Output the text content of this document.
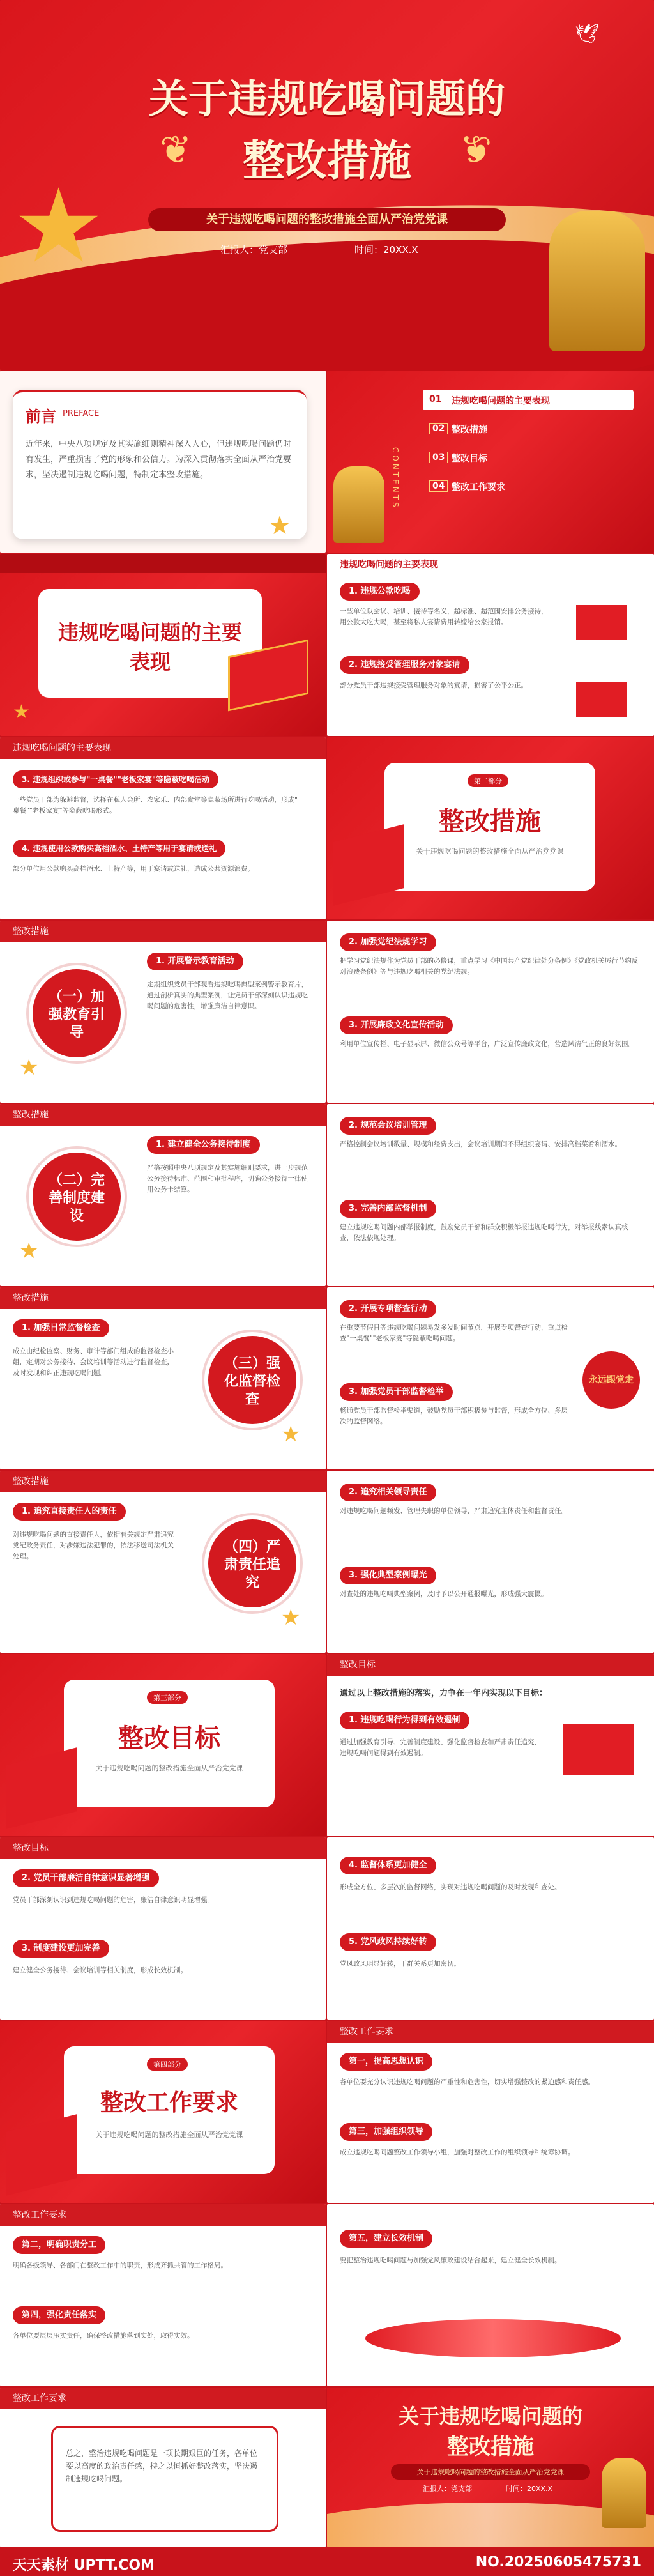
★
🕊
关于违规吃喝问题的
整改措施
❦	❦
关于违规吃喝问题的整改措施全面从严治党党课
汇报人：党支部	时间：20XX.X
前言 PREFACE
近年来，中央八项规定及其实施细则精神深入人心，但违规吃喝问题仍时有发生，严重损害了党的形象和公信力。为深入贯彻落实全面从严治党要求，坚决遏制违规吃喝问题，特制定本整改措施。
★
CONTENTS
01 违规吃喝问题的主要表现
02 整改措施
03 整改目标
04 整改工作要求
违规吃喝问题的主要表现
★
违规吃喝问题的主要表现
1. 违规公款吃喝
一些单位以会议、培训、接待等名义，超标准、超范围安排公务接待，用公款大吃大喝，甚至将私人宴请费用转嫁给公家报销。
2. 违规接受管理服务对象宴请
部分党员干部违规接受管理服务对象的宴请，损害了公平公正。
违规吃喝问题的主要表现
3. 违规组织或参与"一桌餐""老板家宴"等隐蔽吃喝活动
一些党员干部为躲避监督，选择在私人会所、农家乐、内部食堂等隐蔽场所进行吃喝活动，形成"一桌餐""老板家宴"等隐蔽吃喝形式。
4. 违规使用公款购买高档酒水、土特产等用于宴请或送礼
部分单位用公款购买高档酒水、土特产等，用于宴请或送礼，造成公共资源浪费。
第二部分
整改措施
关于违规吃喝问题的整改措施全面从严治党党课
整改措施
（一）加强教育引导
★
1. 开展警示教育活动
定期组织党员干部观看违规吃喝典型案例警示教育片，通过剖析真实的典型案例，让党员干部深刻认识违规吃喝问题的危害性，增强廉洁自律意识。
2. 加强党纪法规学习
把学习党纪法规作为党员干部的必修课，重点学习《中国共产党纪律处分条例》《党政机关厉行节约反对浪费条例》等与违规吃喝相关的党纪法规。
3. 开展廉政文化宣传活动
利用单位宣传栏、电子显示屏、微信公众号等平台，广泛宣传廉政文化，营造风清气正的良好氛围。
整改措施
（二）完善制度建设
★
1. 建立健全公务接待制度
严格按照中央八项规定及其实施细则要求，进一步规范公务接待标准、范围和审批程序，明确公务接待一律使用公务卡结算。
2. 规范会议培训管理
严格控制会议培训数量、规模和经费支出，会议培训期间不得组织宴请、安排高档菜肴和酒水。
3. 完善内部监督机制
建立违规吃喝问题内部举报制度，鼓励党员干部和群众积极举报违规吃喝行为，对举报线索认真核查，依法依规处理。
整改措施
1. 加强日常监督检查
成立由纪检监察、财务、审计等部门组成的监督检查小组，定期对公务接待、会议培训等活动进行监督检查，及时发现和纠正违规吃喝问题。
（三）强化监督检查
★
2. 开展专项督查行动
在重要节假日等违规吃喝问题易发多发时间节点，开展专项督查行动，重点检查"一桌餐""老板家宴"等隐蔽吃喝问题。
3. 加强党员干部监督检举
畅通党员干部监督检举渠道，鼓励党员干部积极参与监督，形成全方位、多层次的监督网络。
永远跟党走
整改措施
1. 追究直接责任人的责任
对违规吃喝问题的直接责任人，依据有关规定严肃追究党纪政务责任，对涉嫌违法犯罪的，依法移送司法机关处理。
（四）严肃责任追究
★
2. 追究相关领导责任
对违规吃喝问题频发、管理失职的单位领导，严肃追究主体责任和监督责任。
3. 强化典型案例曝光
对查处的违规吃喝典型案例，及时予以公开通报曝光，形成强大震慑。
第三部分
整改目标
关于违规吃喝问题的整改措施全面从严治党党课
整改目标
通过以上整改措施的落实，力争在一年内实现以下目标：
1. 违规吃喝行为得到有效遏制
通过加强教育引导、完善制度建设、强化监督检查和严肃责任追究，违规吃喝问题得到有效遏制。
整改目标
2. 党员干部廉洁自律意识显著增强
党员干部深刻认识到违规吃喝问题的危害，廉洁自律意识明显增强。
3. 制度建设更加完善
建立健全公务接待、会议培训等相关制度，形成长效机制。
4. 监督体系更加健全
形成全方位、多层次的监督网络，实现对违规吃喝问题的及时发现和查处。
5. 党风政风持续好转
党风政风明显好转，干群关系更加密切。
第四部分
整改工作要求
关于违规吃喝问题的整改措施全面从严治党党课
整改工作要求
第一，提高思想认识
各单位要充分认识违规吃喝问题的严重性和危害性，切实增强整改的紧迫感和责任感。
第三，加强组织领导
成立违规吃喝问题整改工作领导小组，加强对整改工作的组织领导和统筹协调。
整改工作要求
第二，明确职责分工
明确各级领导、各部门在整改工作中的职责，形成齐抓共管的工作格局。
第四，强化责任落实
各单位要层层压实责任，确保整改措施落到实处，取得实效。
第五，建立长效机制
要把整治违规吃喝问题与加强党风廉政建设结合起来，建立健全长效机制。
整改工作要求
总之，整治违规吃喝问题是一项长期艰巨的任务，各单位要以高度的政治责任感，持之以恒抓好整改落实，坚决遏制违规吃喝问题。
关于违规吃喝问题的
整改措施
关于违规吃喝问题的整改措施全面从严治党党课
汇报人：党支部	时间：20XX.X
天天素材 UPTT.COM	NO.20250605475731
